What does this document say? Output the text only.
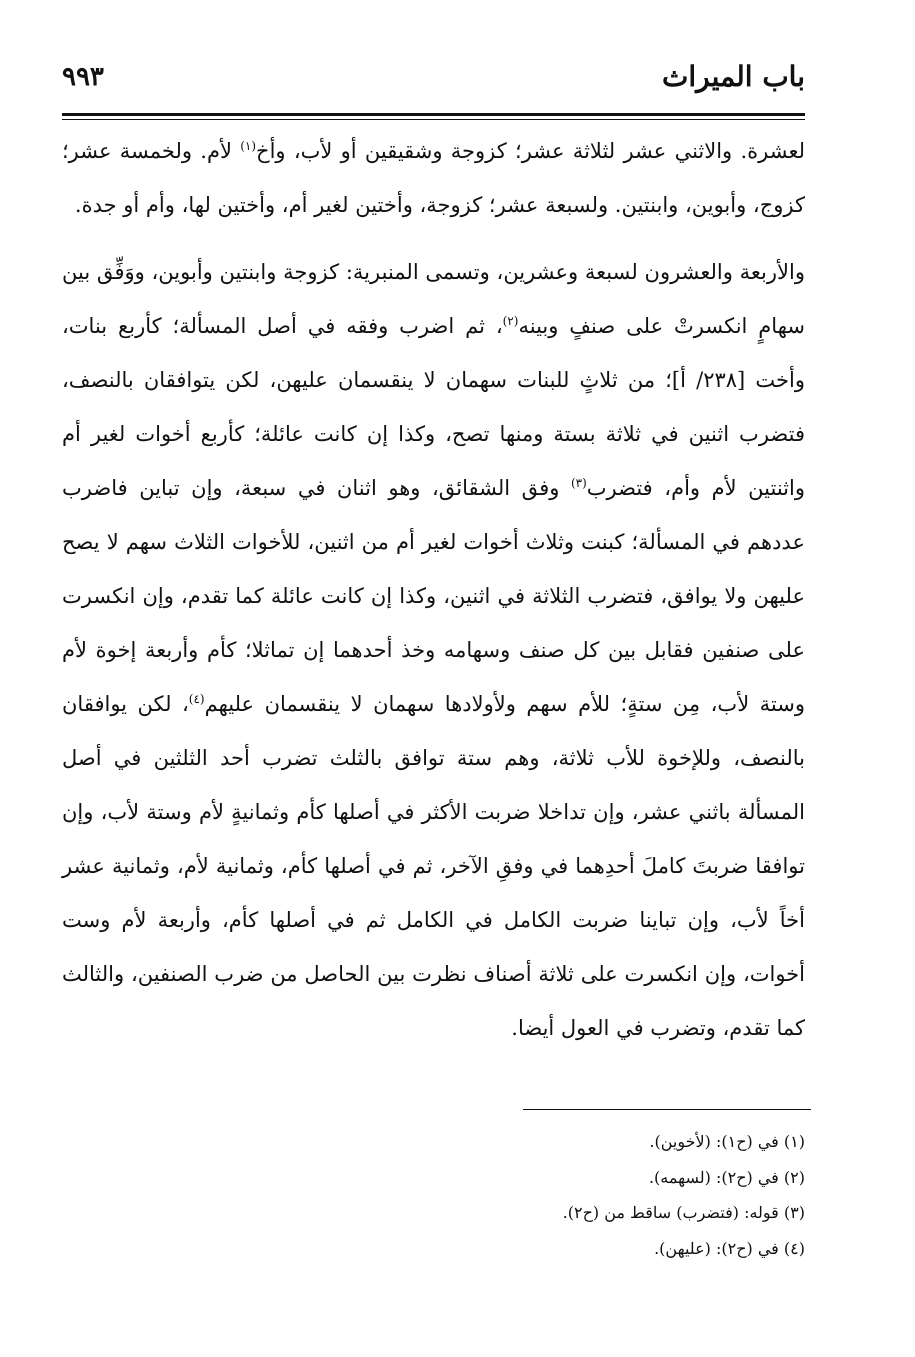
باب الميراث
٩٩٣

لعشرة. والاثني عشر لثلاثة عشر؛ كزوجة وشقيقين أو لأب، وأخ$^{(١)}$ لأم. ولخمسة عشر؛ كزوج، وأبوين، وابنتين. ولسبعة عشر؛ كزوجة، وأختين لغير أم، وأختين لها، وأم أو جدة.

والأربعة والعشرون لسبعة وعشرين، وتسمى المنبرية: كزوجة وابنتين وأبوين، ووَفِّق بين سهامٍ انكسرتْ على صنفٍ وبينه$^{(٢)}$، ثم اضرب وفقه في أصل المسألة؛ كأربع بنات، وأخت [٢٣٨/ أ]؛ من ثلاثٍ للبنات سهمان لا ينقسمان عليهن، لكن يتوافقان بالنصف، فتضرب اثنين في ثلاثة بستة ومنها تصح، وكذا إن كانت عائلة؛ كأربع أخوات لغير أم واثنتين لأم وأم، فتضرب$^{(٣)}$ وفق الشقائق، وهو اثنان في سبعة، وإن تباين فاضرب عددهم في المسألة؛ كبنت وثلاث أخوات لغير أم من اثنين، للأخوات الثلاث سهم لا يصح عليهن ولا يوافق، فتضرب الثلاثة في اثنين، وكذا إن كانت عائلة كما تقدم، وإن انكسرت على صنفين فقابل بين كل صنف وسهامه وخذ أحدهما إن تماثلا؛ كأم وأربعة إخوة لأم وستة لأب، مِن ستةٍ؛ للأم سهم ولأولادها سهمان لا ينقسمان عليهم$^{(٤)}$، لكن يوافقان بالنصف، وللإخوة للأب ثلاثة، وهم ستة توافق بالثلث تضرب أحد الثلثين في أصل المسألة باثني عشر، وإن تداخلا ضربت الأكثر في أصلها كأم وثمانيةٍ لأم وستة لأب، وإن توافقا ضربتَ كاملَ أحدِهما في وفقِ الآخر، ثم في أصلها كأم، وثمانية لأم، وثمانية عشر أخاً لأب، وإن تباينا ضربت الكامل في الكامل ثم في أصلها كأم، وأربعة لأم وست أخوات، وإن انكسرت على ثلاثة أصناف نظرت بين الحاصل من ضرب الصنفين، والثالث كما تقدم، وتضرب في العول أيضا.

(١) في (ح١): (لأخوين).
(٢) في (ح٢): (لسهمه).
(٣) قوله: (فتضرب) ساقط من (ح٢).
(٤) في (ح٢): (عليهن).
